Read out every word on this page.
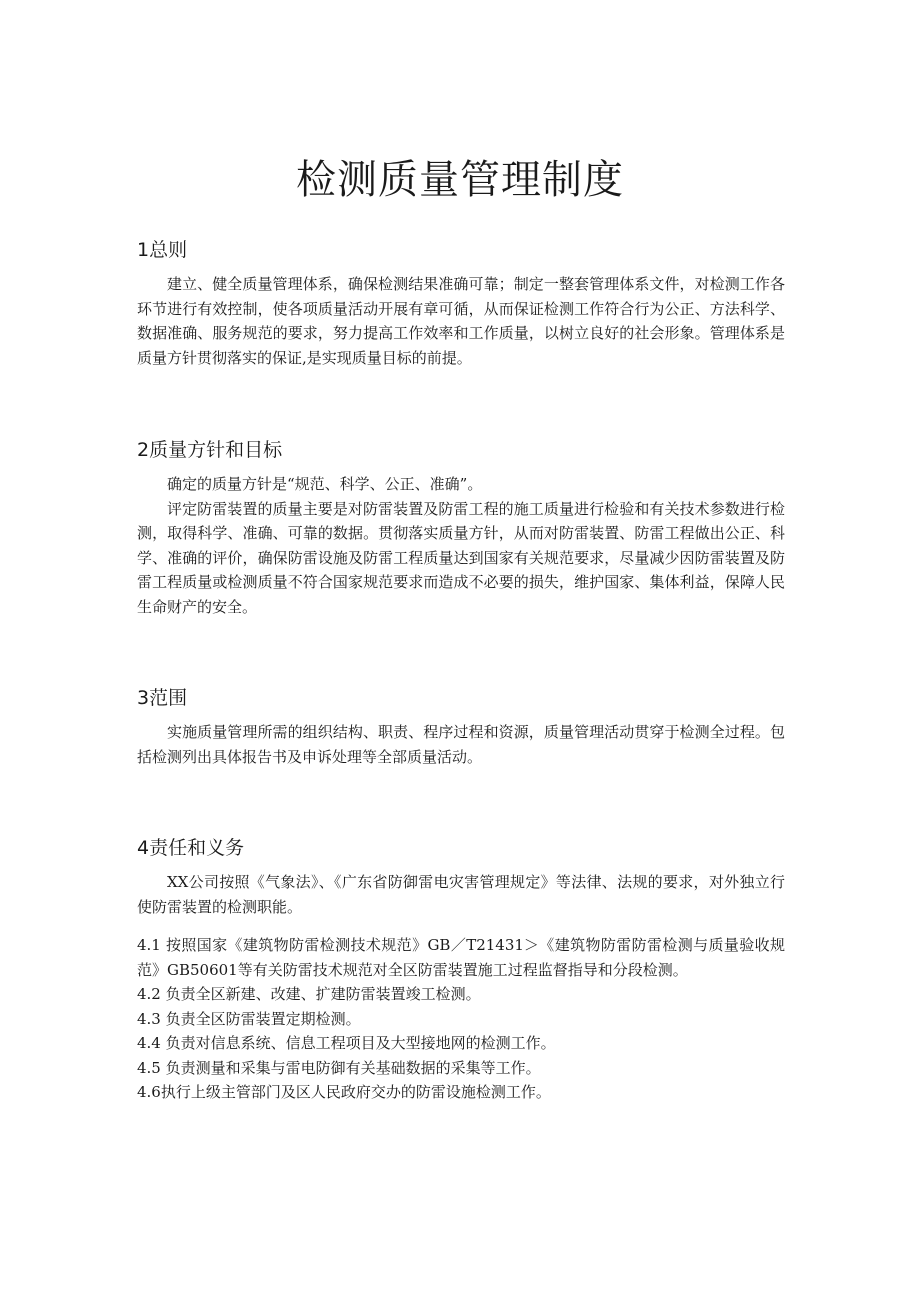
检测质量管理制度
1总则

建立、健全质量管理体系，确保检测结果准确可靠；制定一整套管理体系文件，对检测工作各环节进行有效控制，使各项质量活动开展有章可循，从而保证检测工作符合行为公正、方法科学、数据准确、服务规范的要求，努力提高工作效率和工作质量，以树立良好的社会形象。管理体系是质量方针贯彻落实的保证,是实现质量目标的前提。

2质量方针和目标

确定的质量方针是“规范、科学、公正、准确”。

评定防雷装置的质量主要是对防雷装置及防雷工程的施工质量进行检验和有关技术参数进行检测，取得科学、准确、可靠的数据。贯彻落实质量方针，从而对防雷装置、防雷工程做出公正、科学、准确的评价，确保防雷设施及防雷工程质量达到国家有关规范要求，尽量减少因防雷装置及防雷工程质量或检测质量不符合国家规范要求而造成不必要的损失，维护国家、集体利益，保障人民生命财产的安全。

3范围

实施质量管理所需的组织结构、职责、程序过程和资源，质量管理活动贯穿于检测全过程。包括检测列出具体报告书及申诉处理等全部质量活动。

4责任和义务

XX公司按照《气象法》、《广东省防御雷电灾害管理规定》等法律、法规的要求，对外独立行使防雷装置的检测职能。

4.1 按照国家《建筑物防雷检测技术规范》GB／T21431＞《建筑物防雷防雷检测与质量验收规范》GB50601等有关防雷技术规范对全区防雷装置施工过程监督指导和分段检测。

4.2 负责全区新建、改建、扩建防雷装置竣工检测。

4.3 负责全区防雷装置定期检测。

4.4 负责对信息系统、信息工程项目及大型接地网的检测工作。

4.5 负责测量和采集与雷电防御有关基础数据的采集等工作。

4.6执行上级主管部门及区人民政府交办的防雷设施检测工作。
